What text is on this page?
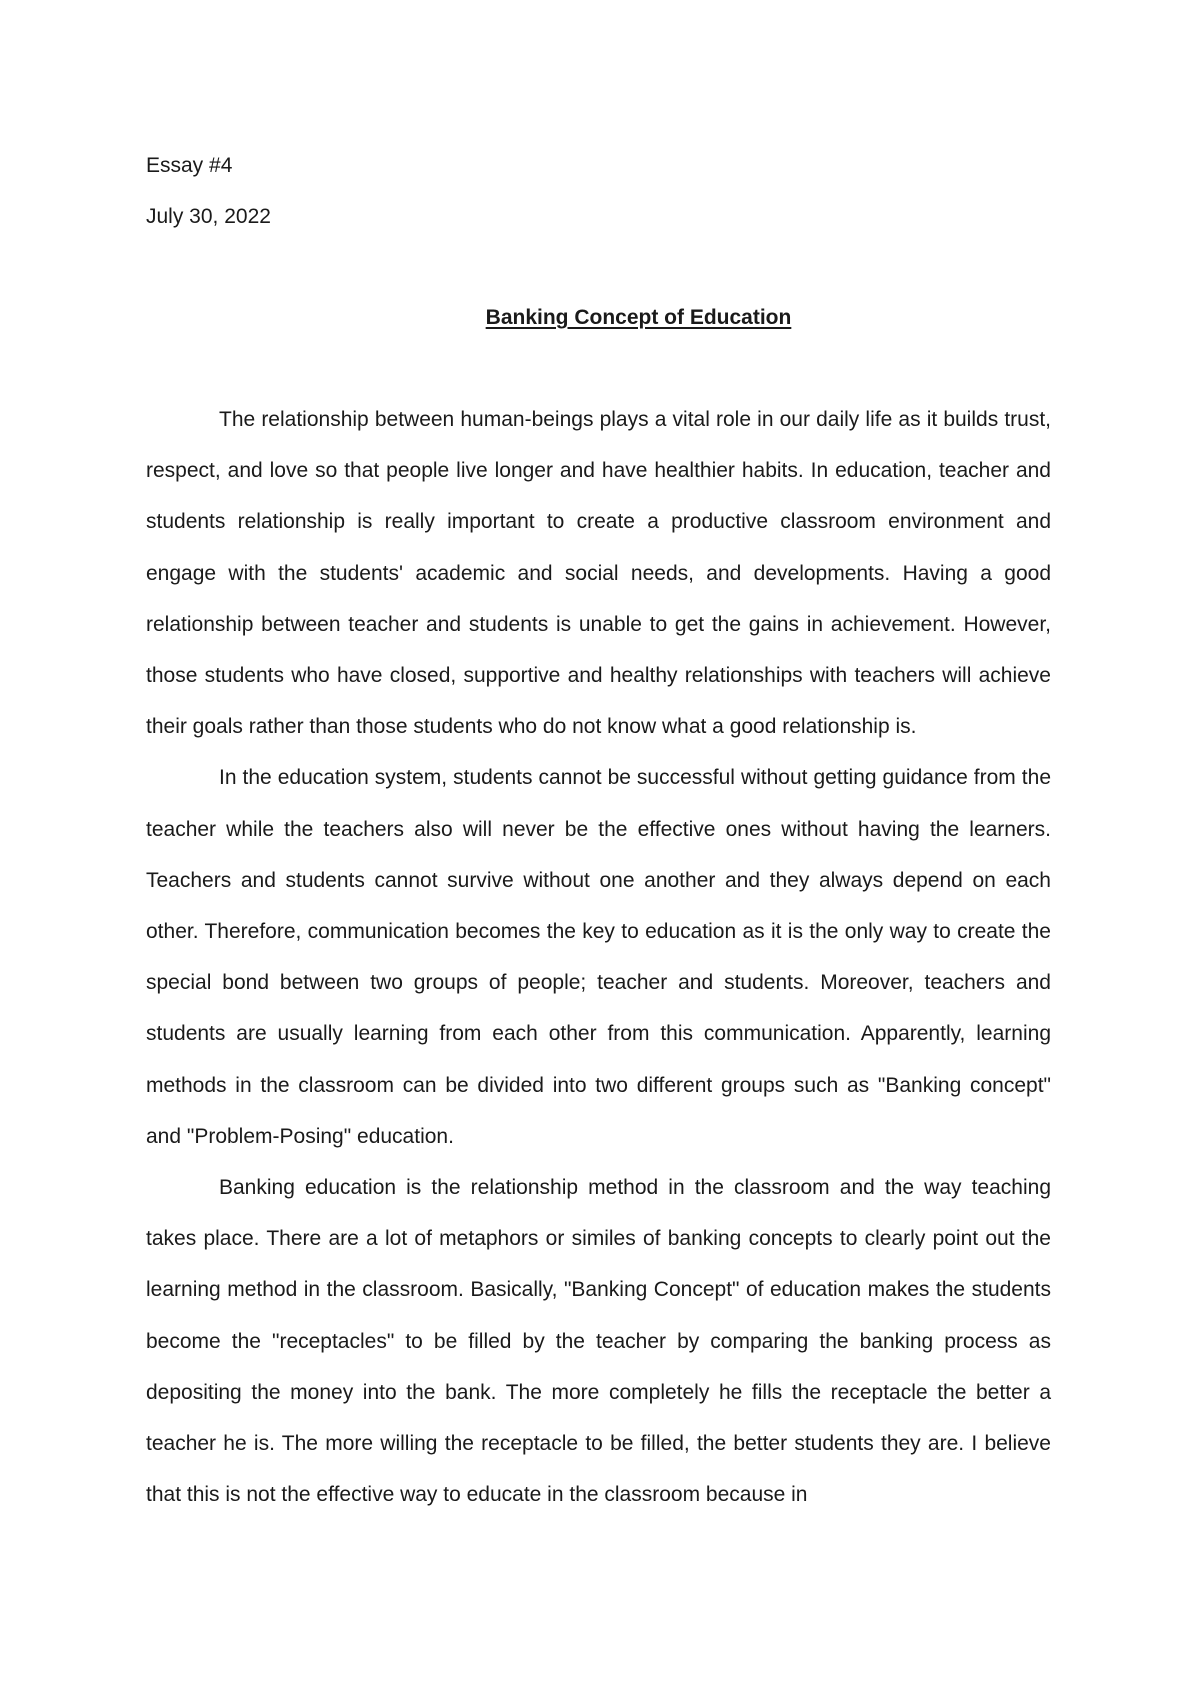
Essay #4
July 30, 2022
Banking Concept of Education

The relationship between human-beings plays a vital role in our daily life as it builds trust, respect, and love so that people live longer and have healthier habits. In education, teacher and students relationship is really important to create a productive classroom environment and engage with the students' academic and social needs, and developments. Having a good relationship between teacher and students is unable to get the gains in achievement. However, those students who have closed, supportive and healthy relationships with teachers will achieve their goals rather than those students who do not know what a good relationship is.

In the education system, students cannot be successful without getting guidance from the teacher while the teachers also will never be the effective ones without having the learners. Teachers and students cannot survive without one another and they always depend on each other. Therefore, communication becomes the key to education as it is the only way to create the special bond between two groups of people; teacher and students. Moreover, teachers and students are usually learning from each other from this communication. Apparently, learning methods in the classroom can be divided into two different groups such as "Banking concept" and "Problem-Posing" education.

Banking education is the relationship method in the classroom and the way teaching takes place. There are a lot of metaphors or similes of banking concepts to clearly point out the learning method in the classroom. Basically, "Banking Concept" of education makes the students become the "receptacles" to be filled by the teacher by comparing the banking process as depositing the money into the bank. The more completely he fills the receptacle the better a teacher he is. The more willing the receptacle to be filled, the better students they are. I believe that this is not the effective way to educate in the classroom because in
